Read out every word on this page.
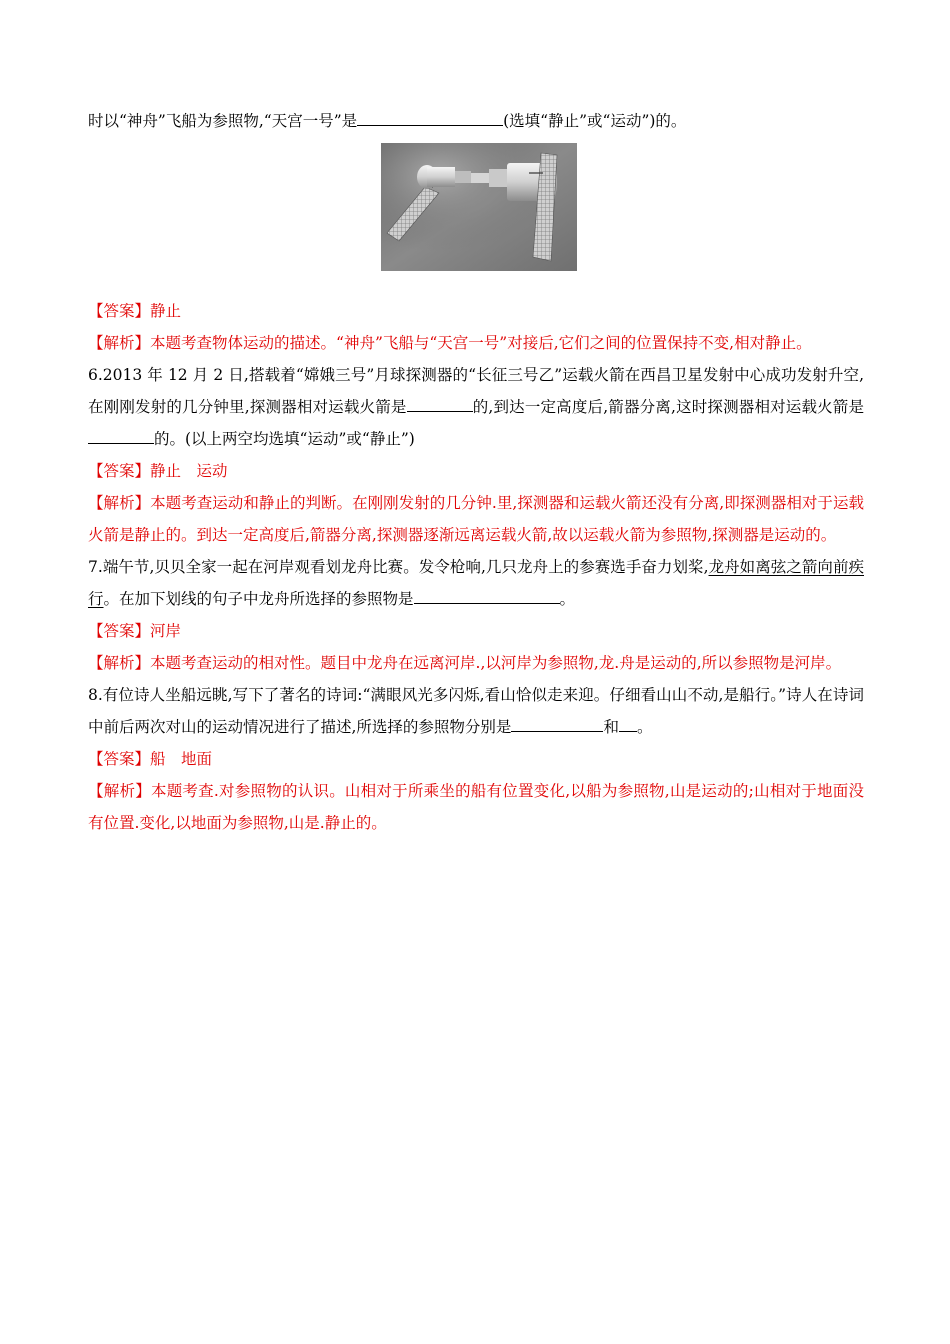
时以“神舟”飞船为参照物,“天宫一号”是	(选填“静止”或“运动”)的。

【答案】静止

【解析】本题考查物体运动的描述。“神舟”飞船与“天宫一号”对接后,它们之间的位置保持不变,相对静止。

6.2013 年 12 月 2 日,搭载着“嫦娥三号”月球探测器的“长征三号乙”运载火箭在西昌卫星发射中心成功发射升空,在刚刚发射的几分钟里,探测器相对运载火箭是	的,到达一定高度后,箭器分离,这时探测器相对运载火箭是的。(以上两空均选填“运动”或“静止”)

【答案】静止　运动

【解析】本题考查运动和静止的判断。在刚刚发射的几分钟.里,探测器和运载火箭还没有分离,即探测器相对于运载火箭是静止的。到达一定高度后,箭器分离,探测器逐渐远离运载火箭,故以运载火箭为参照物,探测器是运动的。

7.端午节,贝贝全家一起在河岸观看划龙舟比赛。发令枪响,几只龙舟上的参赛选手奋力划桨,龙舟如离弦之箭向前疾行。在加下划线的句子中龙舟所选择的参照物是	。

【答案】河岸

【解析】本题考查运动的相对性。题目中龙舟在远离河岸.,以河岸为参照物,龙.舟是运动的,所以参照物是河岸。

8.有位诗人坐船远眺,写下了著名的诗词:“满眼风光多闪烁,看山恰似走来迎。仔细看山山不动,是船行。”诗人在诗词中前后两次对山的运动情况进行了描述,所选择的参照物分别是	和 。

【答案】船　地面

【解析】本题考查.对参照物的认识。山相对于所乘坐的船有位置变化,以船为参照物,山是运动的;山相对于地面没有位置.变化,以地面为参照物,山是.静止的。
